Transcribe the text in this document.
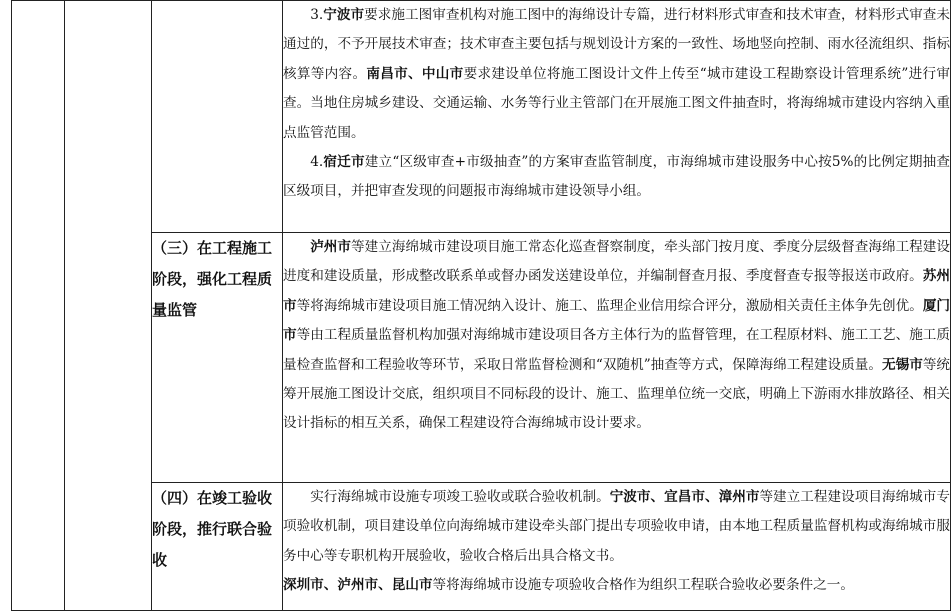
			3.宁波市要求施工图审查机构对施工图中的海绵设计专篇，进行材料形式审查和技术审查，材料形式审查未通过的，不予开展技术审查；技术审查主要包括与规划设计方案的一致性、场地竖向控制、雨水径流组织、指标核算等内容。南昌市、中山市要求建设单位将施工图设计文件上传至“城市建设工程勘察设计管理系统”进行审查。当地住房城乡建设、交通运输、水务等行业主管部门在开展施工图文件抽查时，将海绵城市建设内容纳入重点监管范围。

4.宿迁市建立“区级审查+市级抽查”的方案审查监管制度，市海绵城市建设服务中心按5%的比例定期抽查区级项目，并把审查发现的问题报市海绵城市建设领导小组。

		（三）在工程施工阶段，强化工程质量监管	泸州市等建立海绵城市建设项目施工常态化巡查督察制度，牵头部门按月度、季度分层级督查海绵工程建设进度和建设质量，形成整改联系单或督办函发送建设单位，并编制督查月报、季度督查专报等报送市政府。苏州市等将海绵城市建设项目施工情况纳入设计、施工、监理企业信用综合评分，激励相关责任主体争先创优。厦门市等由工程质量监督机构加强对海绵城市建设项目各方主体行为的监督管理，在工程原材料、施工工艺、施工质量检查监督和工程验收等环节，采取日常监督检测和“双随机”抽查等方式，保障海绵工程建设质量。无锡市等统筹开展施工图设计交底，组织项目不同标段的设计、施工、监理单位统一交底，明确上下游雨水排放路径、相关设计指标的相互关系，确保工程建设符合海绵城市设计要求。

		（四）在竣工验收阶段，推行联合验收	实行海绵城市设施专项竣工验收或联合验收机制。宁波市、宜昌市、漳州市等建立工程建设项目海绵城市专项验收机制，项目建设单位向海绵城市建设牵头部门提出专项验收申请，由本地工程质量监督机构或海绵城市服务中心等专职机构开展验收，验收合格后出具合格文书。

深圳市、泸州市、昆山市等将海绵城市设施专项验收合格作为组织工程联合验收必要条件之一。
